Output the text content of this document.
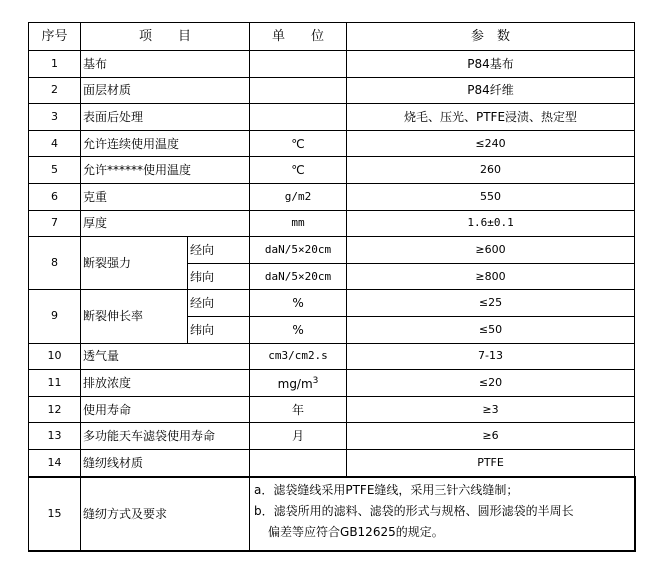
序号	项　　目		单　　位	参　数
1	基布			P84基布
2	面层材质			P84纤维
3	表面后处理			烧毛、压光、PTFE浸渍、热定型
4	允许连续使用温度		℃	≤240
5	允许******使用温度		℃	260
6	克重		g/m2	550
7	厚度		mm	1.6±0.1
8	断裂强力	经向	daN/5×20cm	≥600
		纬向	daN/5×20cm	≥800
9	断裂伸长率	经向	%	≤25
		纬向	%	≤50
10	透气量		cm3/cm2.s	7-13
11	排放浓度		$mg/m^3$	≤20
12	使用寿命		年	≥3
13	多功能天车滤袋使用寿命		月	≥6
14	缝纫线材质			PTFE
15	缝纫方式及要求		a．滤袋缝线采用PTFE缝线，采用三针六线缝制；
b．滤袋所用的滤料、滤袋的形式与规格、圆形滤袋的半周长
偏差等应符合GB12625的规定。	
